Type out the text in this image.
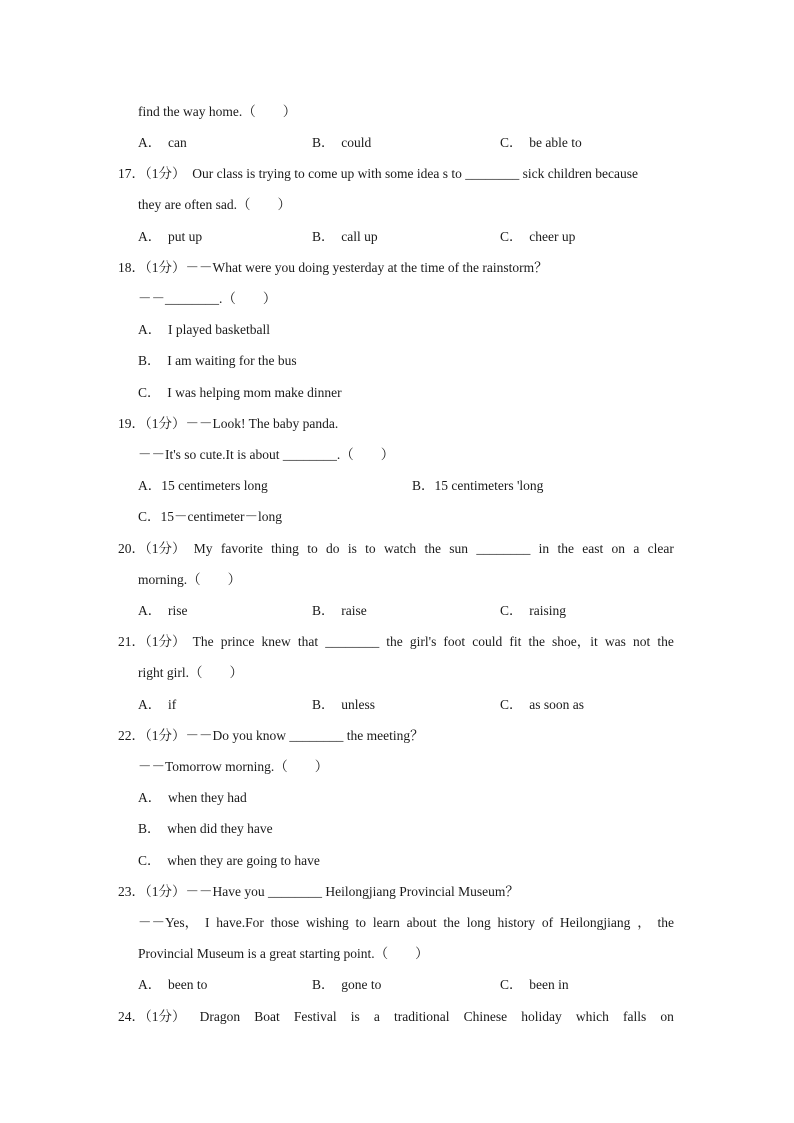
find the way home.（　　）
A．　can	B．　could	C．　be able to
17．（1分）　Our class is trying to come up with some idea s to ________ sick children because
they are often sad.（　　）
A．　put up	B．　call up	C．　cheer up
18．（1分）－－What were you doing yesterday at the time of the rainstorm？
－－________.（　　）
A．　I played basketball
B．　I am waiting for the bus
C．　I was helping mom make dinner
19．（1分）－－Look! The baby panda.
－－It's so cute.It is about ________.（　　）
A．15 centimeters long	B．15 centimeters 'long
C．15－centimeter－long
20．（1分） My favorite thing to do is to watch the sun ________ in the east on a clear
morning.（　　）
A．　rise	B．　raise	C．　raising
21．（1分） The prince knew that ________ the girl's foot could fit the shoe，it was not the
right girl.（　　）
A．　if	B．　unless	C．　as soon as
22．（1分）－－Do you know ________ the meeting？
－－Tomorrow morning.（　　）
A．　when they had
B．　when did they have
C．　when they are going to have
23．（1分）－－Have you ________ Heilongjiang Provincial Museum？
－－Yes， I have.For those wishing to learn about the long history of Heilongjiang ， the
Provincial Museum is a great starting point.（　　）
A．　been to	B．　gone to	C．　been in
24．（1分） Dragon Boat Festival is a traditional Chinese holiday which falls on
